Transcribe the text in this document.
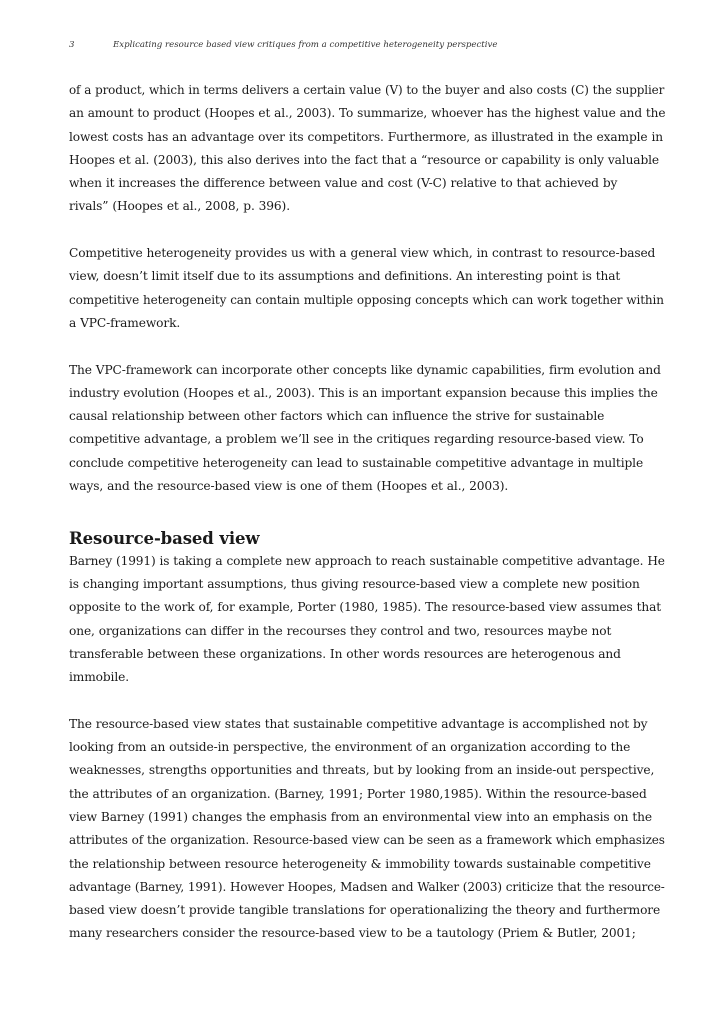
3	Explicating resource based view critiques from a competitive heterogeneity perspective

of a product, which in terms delivers a certain value (V) to the buyer and also costs (C) the supplier
an amount to product (Hoopes et al., 2003). To summarize, whoever has the highest value and the
lowest costs has an advantage over its competitors. Furthermore, as illustrated in the example in
Hoopes et al. (2003), this also derives into the fact that a “resource or capability is only valuable
when it increases the difference between value and cost (V-C) relative to that achieved by
rivals” (Hoopes et al., 2008, p. 396).

Competitive heterogeneity provides us with a general view which, in contrast to resource-based
view, doesn’t limit itself due to its assumptions and definitions. An interesting point is that
competitive heterogeneity can contain multiple opposing concepts which can work together within
a VPC-framework.

The VPC-framework can incorporate other concepts like dynamic capabilities, firm evolution and
industry evolution (Hoopes et al., 2003). This is an important expansion because this implies the
causal relationship between other factors which can influence the strive for sustainable
competitive advantage, a problem we’ll see in the critiques regarding resource-based view. To
conclude competitive heterogeneity can lead to sustainable competitive advantage in multiple
ways, and the resource-based view is one of them (Hoopes et al., 2003).

Resource-based view

Barney (1991) is taking a complete new approach to reach sustainable competitive advantage. He
is changing important assumptions, thus giving resource-based view a complete new position
opposite to the work of, for example, Porter (1980, 1985). The resource-based view assumes that
one, organizations can differ in the recourses they control and two, resources maybe not
transferable between these organizations. In other words resources are heterogenous and
immobile.

The resource-based view states that sustainable competitive advantage is accomplished not by
looking from an outside-in perspective, the environment of an organization according to the
weaknesses, strengths opportunities and threats, but by looking from an inside-out perspective,
the attributes of an organization. (Barney, 1991; Porter 1980,1985). Within the resource-based
view Barney (1991) changes the emphasis from an environmental view into an emphasis on the
attributes of the organization. Resource-based view can be seen as a framework which emphasizes
the relationship between resource heterogeneity & immobility towards sustainable competitive
advantage (Barney, 1991). However Hoopes, Madsen and Walker (2003) criticize that the resource-
based view doesn’t provide tangible translations for operationalizing the theory and furthermore
many researchers consider the resource-based view to be a tautology (Priem & Butler, 2001;
